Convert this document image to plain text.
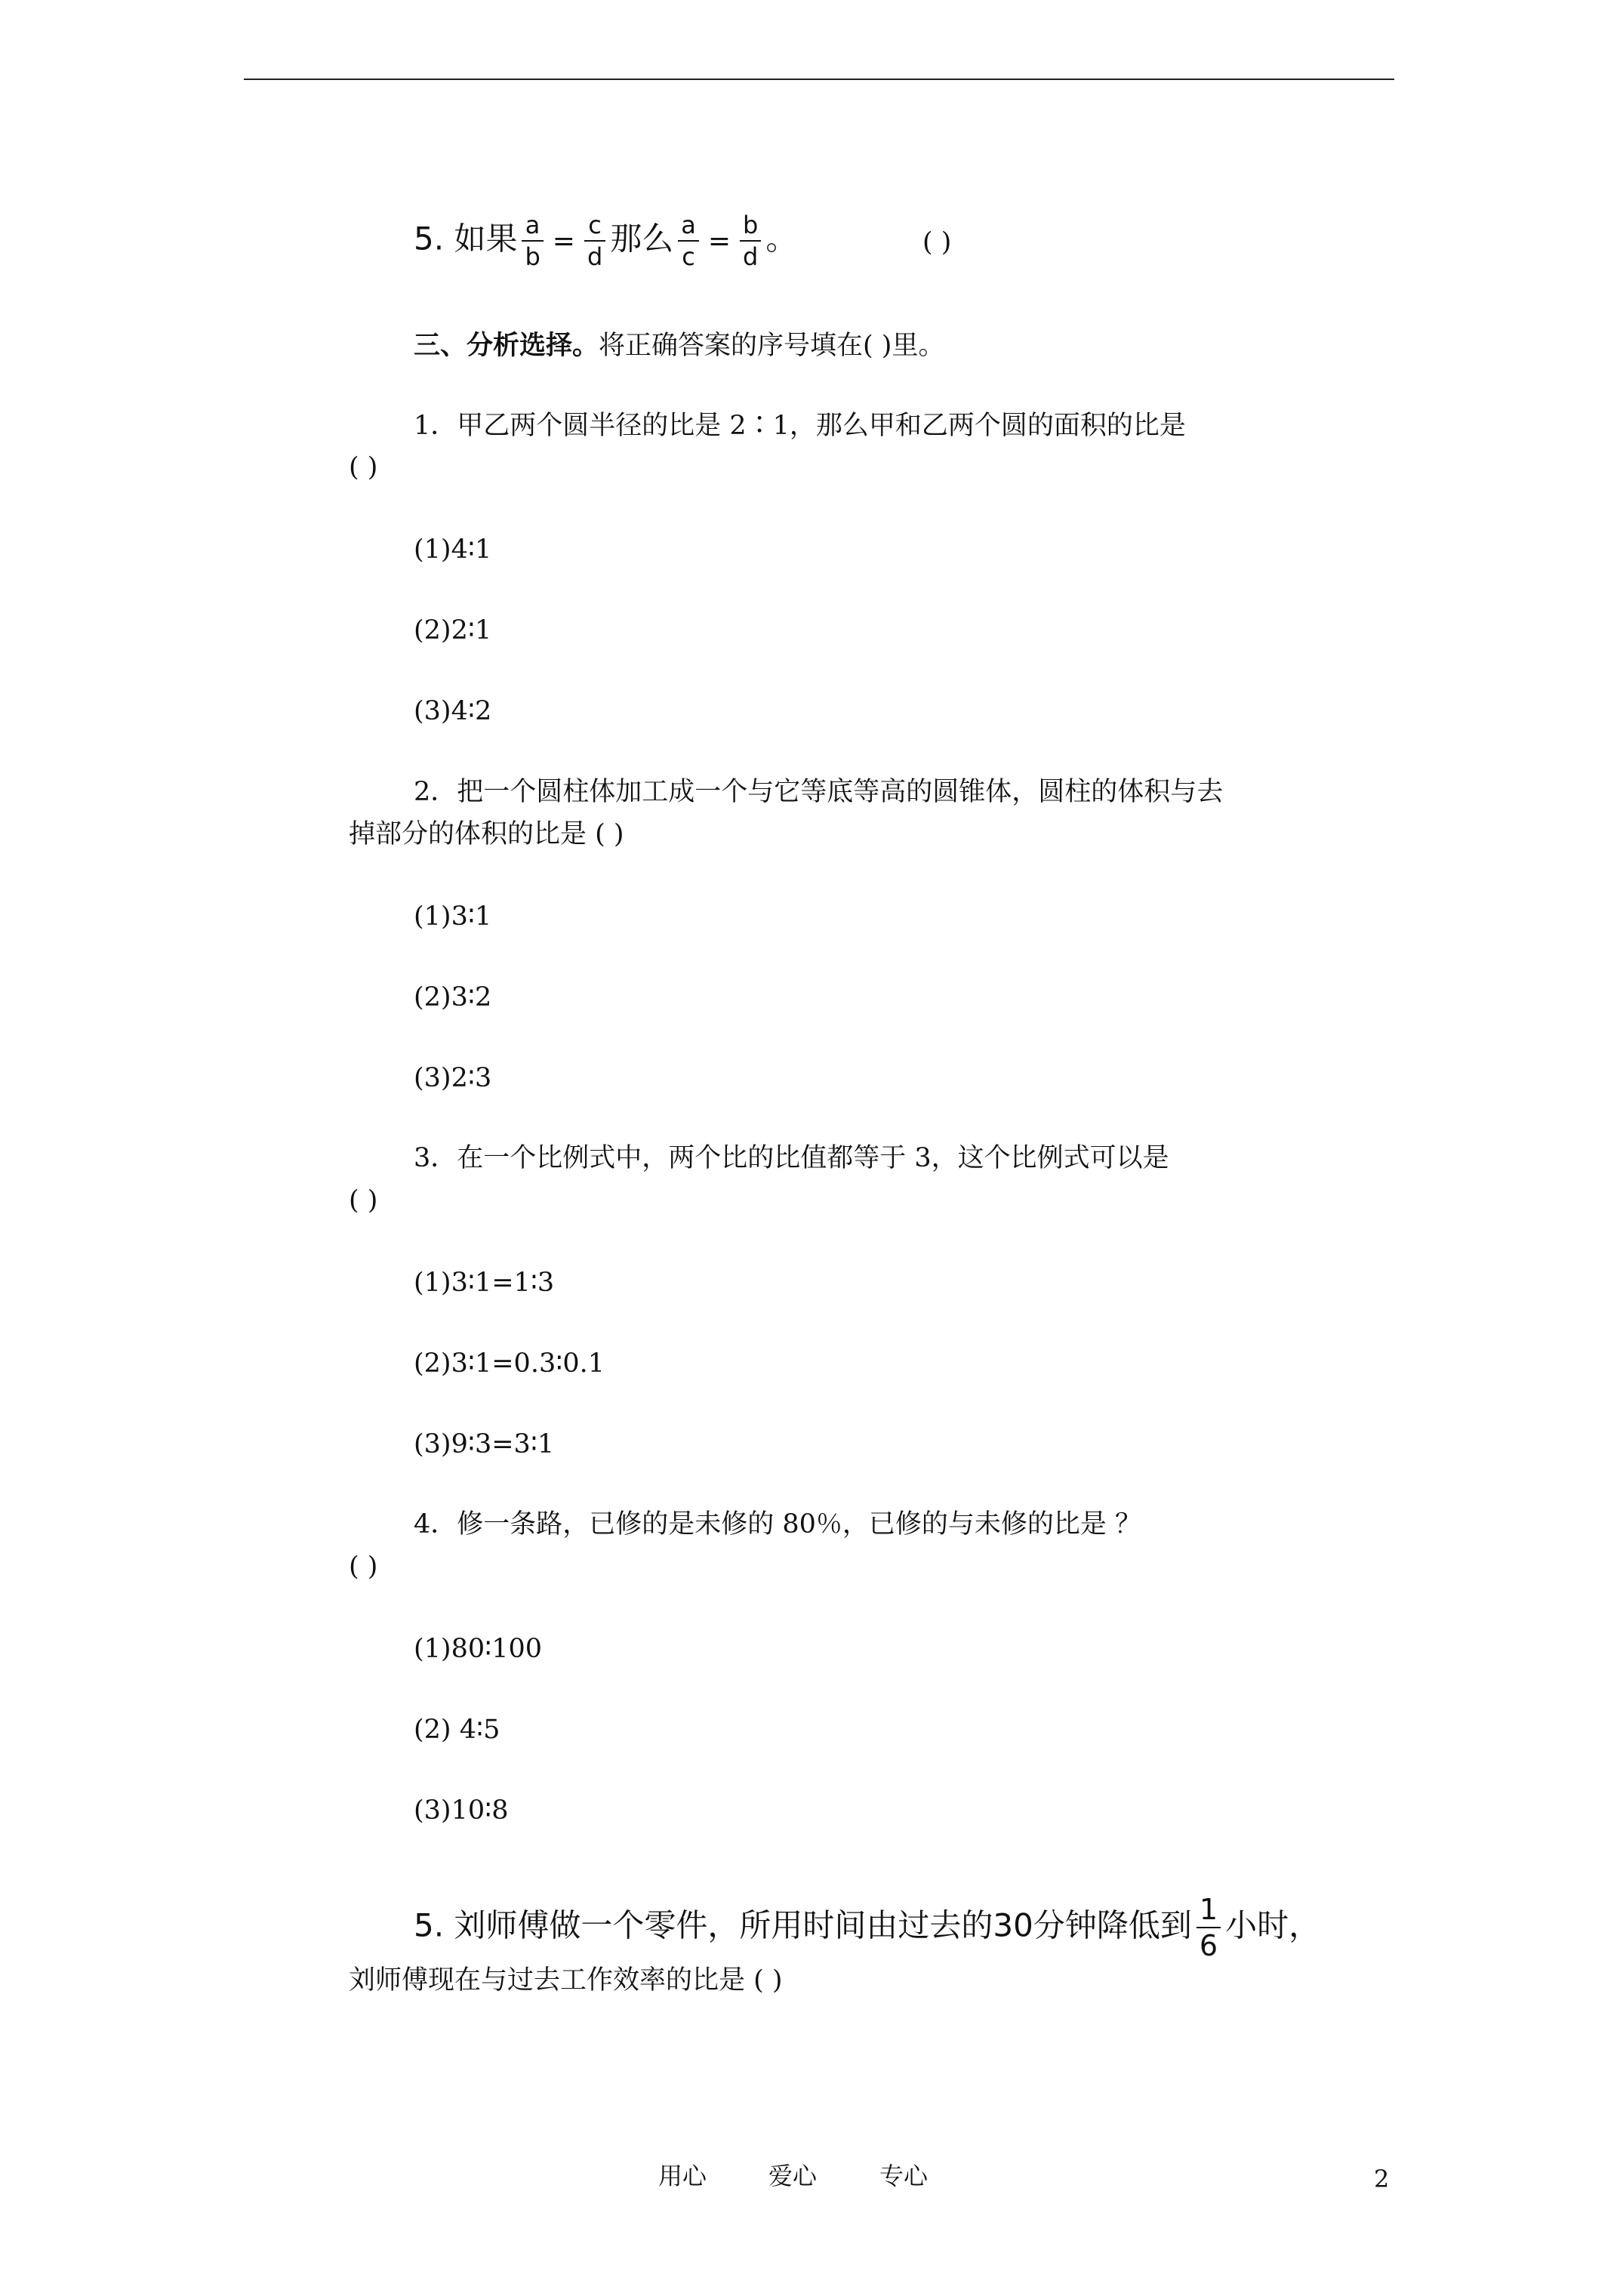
5. 如果 $\frac{a}{b} = \frac{c}{d}$ 那么 $\frac{a}{c} = \frac{b}{d}$ 。	( )
三、分析选择。将正确答案的序号填在( )里。
1．甲乙两个圆半径的比是 2∶1，那么甲和乙两个圆的面积的比是
( )
(1)4∶1
(2)2∶1
(3)4∶2
2．把一个圆柱体加工成一个与它等底等高的圆锥体，圆柱的体积与去
掉部分的体积的比是 ( )
(1)3∶1
(2)3∶2
(3)2∶3
3．在一个比例式中，两个比的比值都等于 3，这个比例式可以是
( )
(1)3∶1=1∶3
(2)3∶1=0.3∶0.1
(3)9∶3=3∶1
4．修一条路，已修的是未修的 80％，已修的与未修的比是 ？
( )
(1)80∶100
(2) 4∶5
(3)10∶8
5. 刘师傅做一个零件，所用时间由过去的30分钟降低到 $\frac{1}{6}$ 小时，
刘师傅现在与过去工作效率的比是 ( )
用心	爱心	专心	2
